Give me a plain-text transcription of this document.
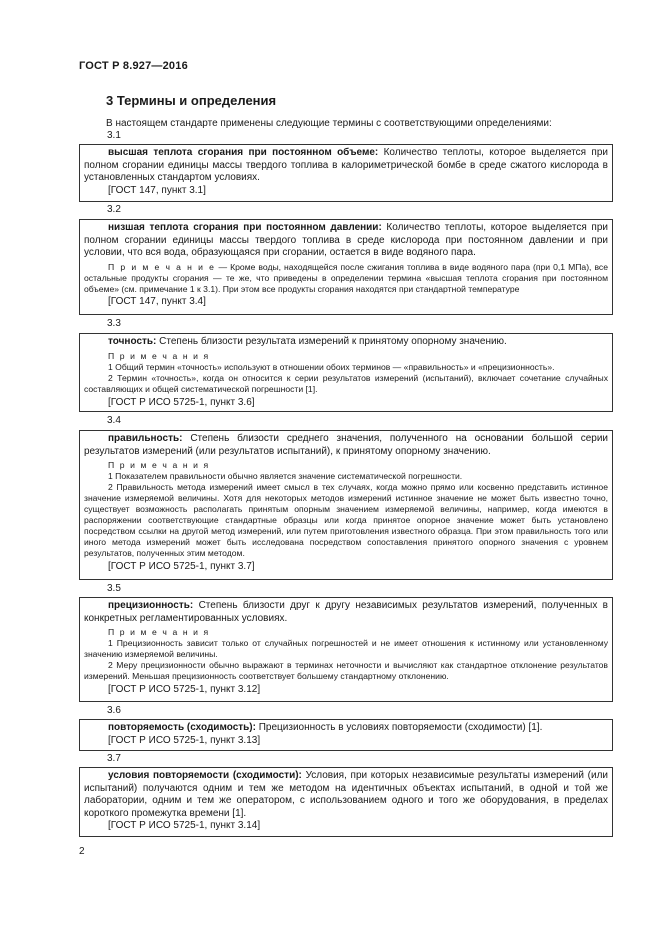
ГОСТ Р 8.927—2016
3 Термины и определения
В настоящем стандарте применены следующие термины с соответствующими определениями:
3.1

высшая теплота сгорания при постоянном объеме: Количество теплоты, которое выделяется при полном сгорании единицы массы твердого топлива в калориметрической бомбе в среде сжатого кислорода в установленных стандартом условиях.

[ГОСТ 147, пункт 3.1]

3.2

низшая теплота сгорания при постоянном давлении: Количество теплоты, которое выделяется при полном сгорании единицы массы твердого топлива в среде кислорода при постоянном давлении и при условии, что вся вода, образующаяся при сгорании, остается в виде водяного пара.

П р и м е ч а н и е — Кроме воды, находящейся после сжигания топлива в виде водяного пара (при 0,1 МПа), все остальные продукты сгорания — те же, что приведены в определении термина «высшая теплота сгорания при постоянном объеме» (см. примечание 1 к 3.1). При этом все продукты сгорания находятся при стандартной температуре

[ГОСТ 147, пункт 3.4]

3.3

точность: Степень близости результата измерений к принятому опорному значению.

П р и м е ч а н и я

1 Общий термин «точность» используют в отношении обоих терминов — «правильность» и «прецизионность».

2 Термин «точность», когда он относится к серии результатов измерений (испытаний), включает сочетание случайных составляющих и общей систематической погрешности [1].

[ГОСТ Р ИСО 5725-1, пункт 3.6]

3.4

правильность: Степень близости среднего значения, полученного на основании большой серии результатов измерений (или результатов испытаний), к принятому опорному значению.

П р и м е ч а н и я

1 Показателем правильности обычно является значение систематической погрешности.

2 Правильность метода измерений имеет смысл в тех случаях, когда можно прямо или косвенно представить истинное значение измеряемой величины. Хотя для некоторых методов измерений истинное значение не может быть известно точно, существует возможность располагать принятым опорным значением измеряемой величины, например, когда имеются в распоряжении соответствующие стандартные образцы или когда принятое опорное значение может быть установлено посредством ссылки на другой метод измерений, или путем приготовления известного образца. При этом правильность того или иного метода измерений может быть исследована посредством сопоставления принятого опорного значения с уровнем результатов, полученных этим методом.

[ГОСТ Р ИСО 5725-1, пункт 3.7]

3.5

прецизионность: Степень близости друг к другу независимых результатов измерений, полученных в конкретных регламентированных условиях.

П р и м е ч а н и я

1 Прецизионность зависит только от случайных погрешностей и не имеет отношения к истинному или установленному значению измеряемой величины.

2 Меру прецизионности обычно выражают в терминах неточности и вычисляют как стандартное отклонение результатов измерений. Меньшая прецизионность соответствует большему стандартному отклонению.

[ГОСТ Р ИСО 5725-1, пункт 3.12]

3.6

повторяемость (сходимость): Прецизионность в условиях повторяемости (сходимости) [1].

[ГОСТ Р ИСО 5725-1, пункт 3.13]

3.7

условия повторяемости (сходимости): Условия, при которых независимые результаты измерений (или испытаний) получаются одним и тем же методом на идентичных объектах испытаний, в одной и той же лаборатории, одним и тем же оператором, с использованием одного и того же оборудования, в пределах короткого промежутка времени [1].

[ГОСТ Р ИСО 5725-1, пункт 3.14]

2
